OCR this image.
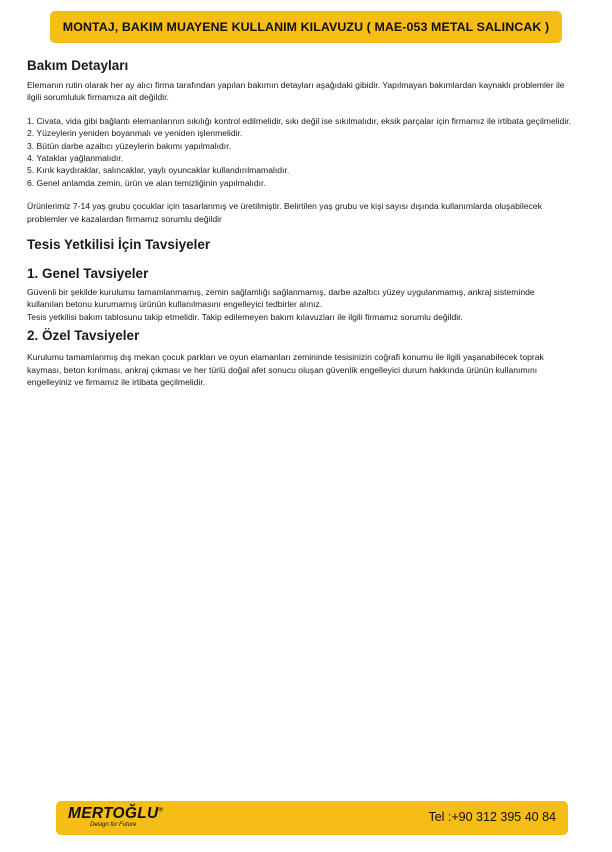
MONTAJ, BAKIM MUAYENE KULLANIM KILAVUZU ( MAE-053 METAL SALINCAK )
Bakım Detayları

Elemanın rutin olarak her ay alıcı firma tarafından yapılan bakımın detayları aşağıdaki gibidir. Yapılmayan bakımlardan kaynaklı problemler ile

ilgili sorumluluk firmamıza ait değildir.

1. Civata, vida gibi bağlantı elemanlarının sıkılığı kontrol edilmelidir, sıkı değil ise sıkılmalıdır, eksik parçalar için firmamız ile irtibata geçilmelidir.
2. Yüzeylerin yeniden boyanmalı ve yeniden işlenmelidir.
3. Bütün darbe azaltıcı yüzeylerin bakımı yapılmalıdır.
4. Yataklar yağlanmalıdır.
5. Kırık kaydıraklar, salıncaklar, yaylı oyuncaklar kullandırılmamalıdır.
6. Genel anlamda zemin, ürün ve alan temizliğinin yapılmalıdır.

Ürünlerimiz 7-14 yaş grubu çocuklar için tasarlanmış ve üretilmiştir. Belirtilen yaş grubu ve kişi sayısı dışında kullanımlarda oluşabilecek

problemler ve kazalardan firmamız sorumlu değildir

Tesis Yetkilisi İçin Tavsiyeler
1. Genel Tavsiyeler

Güvenli bir şekilde kurulumu tamamlanmamış, zemin sağlamlığı sağlanmamış, darbe azaltıcı yüzey uygulanmamış, ankraj sisteminde

kullanılan betonu kurumamış ürünün kullanılmasını engelleyici tedbirler alınız.

Tesis yetkilisi bakım tablosunu takip etmelidir. Takip edilemeyen bakım kılavuzları ile ilgili firmamız sorumlu değildir.

2. Özel Tavsiyeler

Kurulumu tamamlanmış dış mekan çocuk parkları ve oyun elamanları zemininde tesisinizin coğrafi konumu ile ilgili yaşanabilecek toprak

kayması, beton kırılması, ankraj çıkması ve her türlü doğal afet sonucu oluşan güvenlik engelleyici durum hakkında ürünün kullanımını

engelleyiniz ve firmamız ile irtibata geçilmelidir.

MERTOĞLU®
Design for Future
Tel :+90 312 395 40 84
